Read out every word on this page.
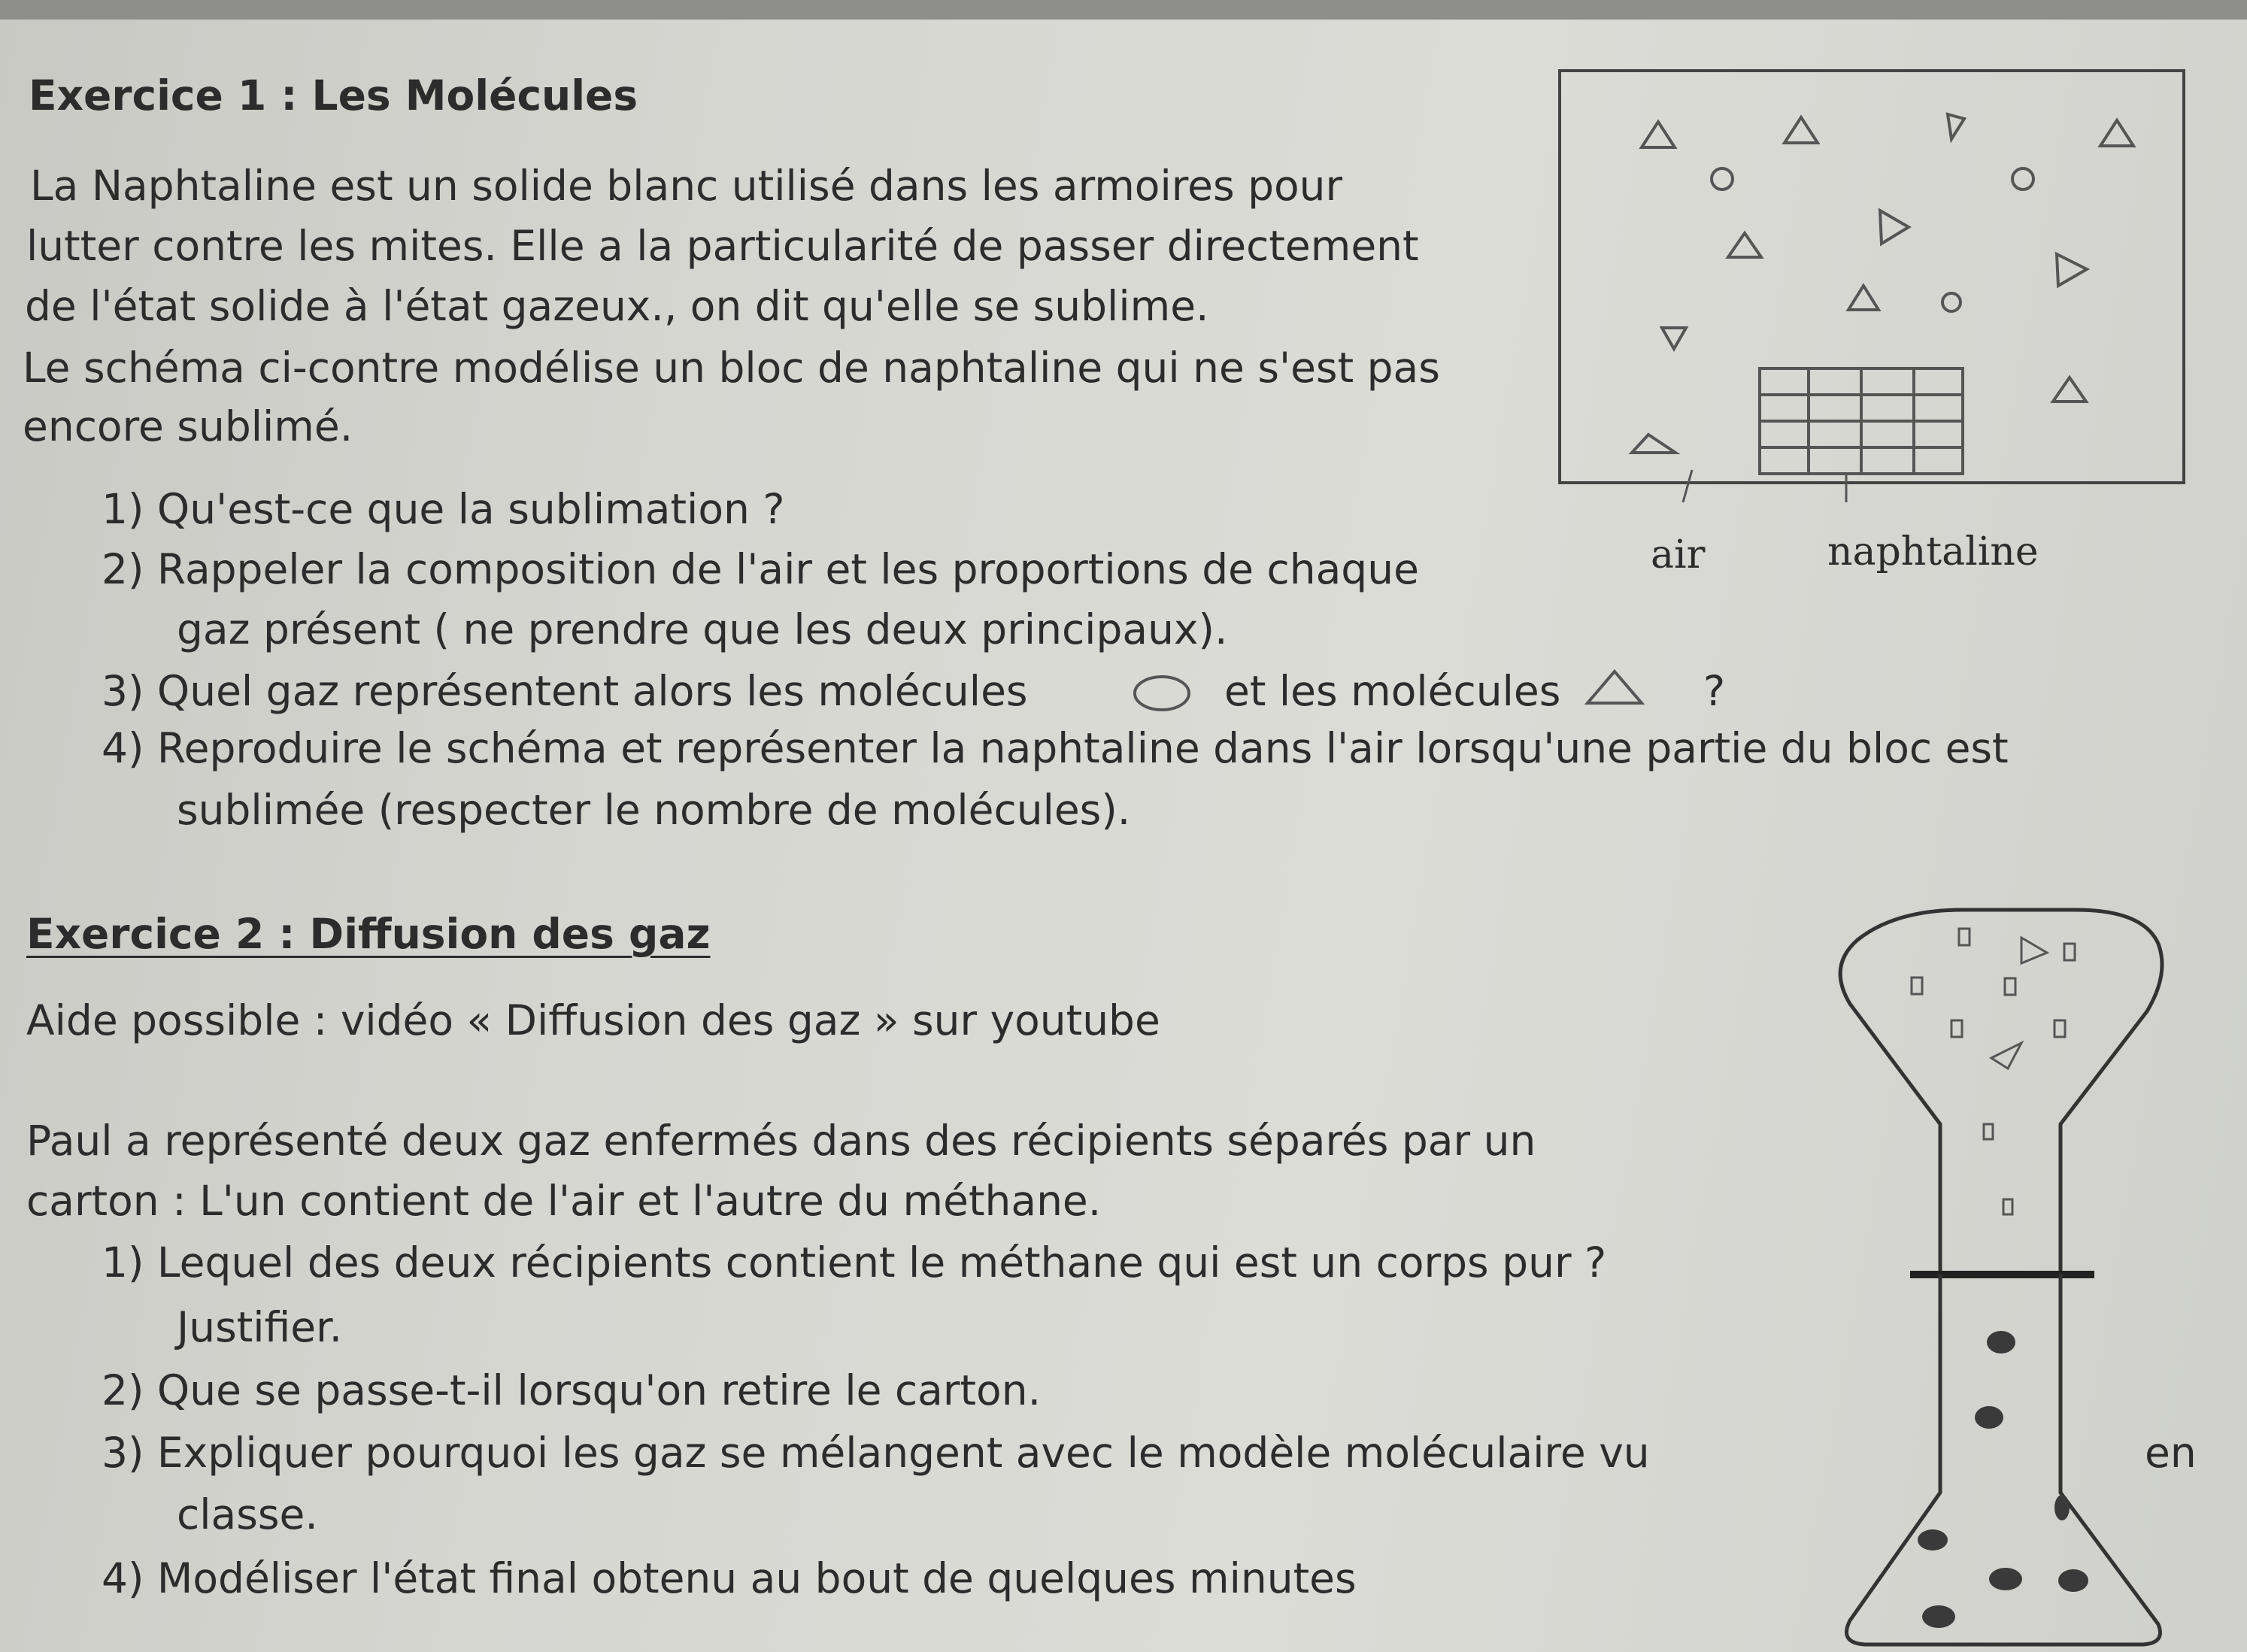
Exercice 1 : Les Molécules
La Naphtaline est un solide blanc utilisé dans les armoires pour
lutter contre les mites. Elle a la particularité de passer directement
de l'état solide à l'état gazeux., on dit qu'elle se sublime.
Le schéma ci-contre modélise un bloc de naphtaline qui ne s'est pas
encore sublimé.
1) Qu'est-ce que la sublimation ?
2) Rappeler la composition de l'air et les proportions de chaque
gaz présent ( ne prendre que les deux principaux).
3) Quel gaz représentent alors les molécules	et les molécules	?
4) Reproduire le schéma et représenter la naphtaline dans l'air lorsqu'une partie du bloc est
sublimée (respecter le nombre de molécules).
air	naphtaline
Exercice 2 : Diffusion des gaz
Aide possible : vidéo « Diffusion des gaz » sur youtube
Paul a représenté deux gaz enfermés dans des récipients séparés par un
carton : L'un contient de l'air et l'autre du méthane.
1) Lequel des deux récipients contient le méthane qui est un corps pur ?
Justifier.
2) Que se passe-t-il lorsqu'on retire le carton.
3) Expliquer pourquoi les gaz se mélangent avec le modèle moléculaire vu	en
classe.
4) Modéliser l'état final obtenu au bout de quelques minutes
